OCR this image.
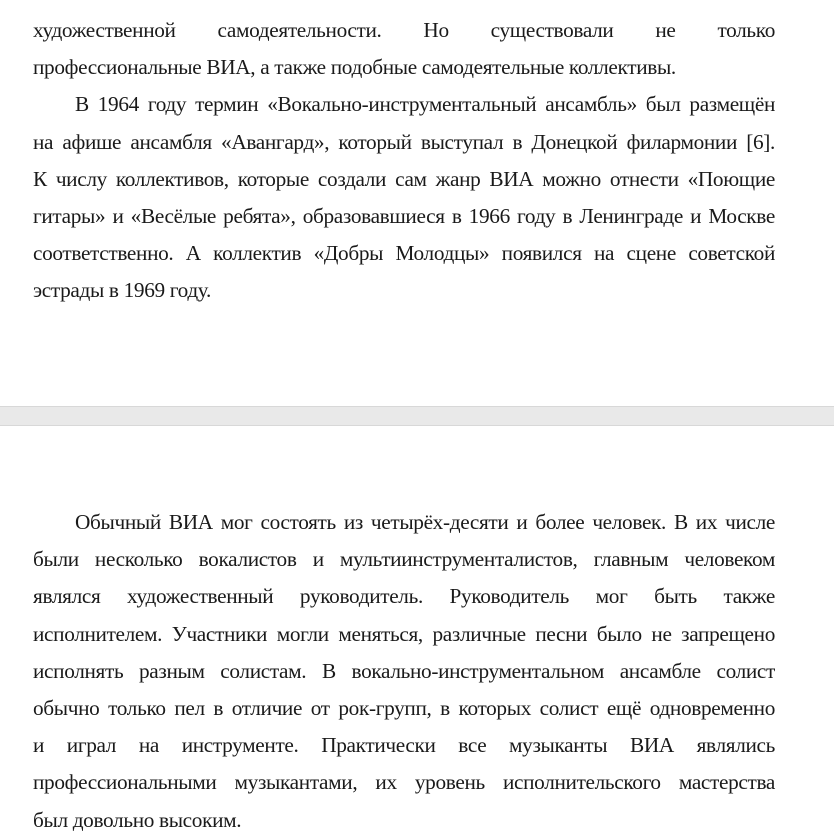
художественной самодеятельности. Но существовали не только
профессиональные ВИА, а также подобные самодеятельные коллективы.
В 1964 году термин «Вокально-инструментальный ансамбль» был размещён
на афише ансамбля «Авангард», который выступал в Донецкой филармонии [6].
К числу коллективов, которые создали сам жанр ВИА можно отнести «Поющие
гитары» и «Весёлые ребята», образовавшиеся в 1966 году в Ленинграде и Москве
соответственно. А коллектив «Добры Молодцы» появился на сцене советской
эстрады в 1969 году.
Обычный ВИА мог состоять из четырёх-десяти и более человек. В их числе
были несколько вокалистов и мультиинструменталистов, главным человеком
являлся художественный руководитель. Руководитель мог быть также
исполнителем. Участники могли меняться, различные песни было не запрещено
исполнять разным солистам. В вокально-инструментальном ансамбле солист
обычно только пел в отличие от рок-групп, в которых солист ещё одновременно
и играл на инструменте. Практически все музыканты ВИА являлись
профессиональными музыкантами, их уровень исполнительского мастерства
был довольно высоким.
